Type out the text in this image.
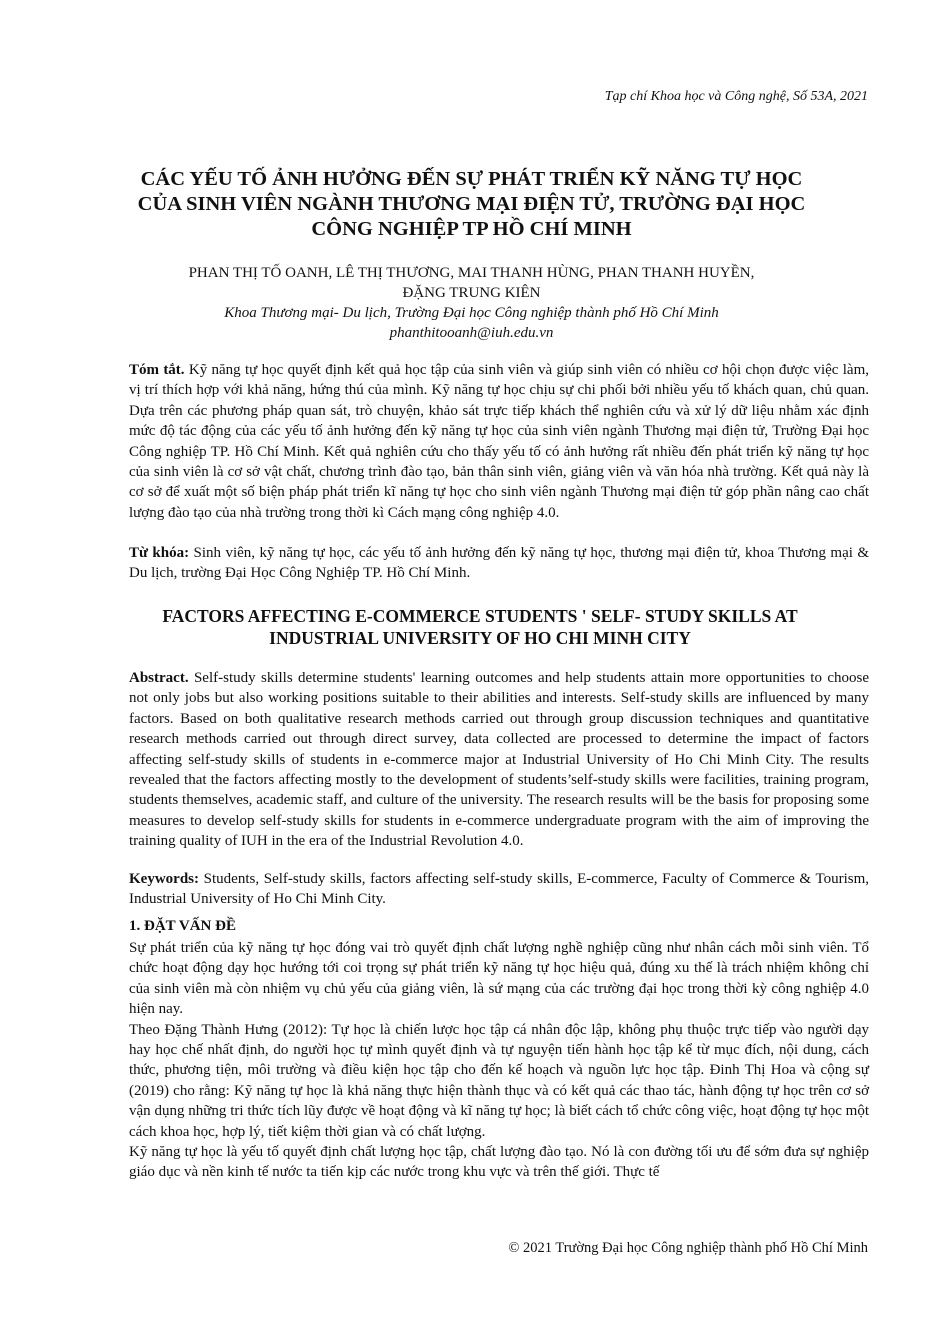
Tạp chí Khoa học và Công nghệ, Số 53A, 2021
CÁC YẾU TỐ ẢNH HƯỞNG ĐẾN SỰ PHÁT TRIỂN KỸ NĂNG TỰ HỌC
CỦA SINH VIÊN NGÀNH THƯƠNG MẠI ĐIỆN TỬ, TRƯỜNG ĐẠI HỌC
CÔNG NGHIỆP TP HỒ CHÍ MINH
PHAN THỊ TỐ OANH, LÊ THỊ THƯƠNG, MAI THANH HÙNG, PHAN THANH HUYỀN,
ĐẶNG TRUNG KIÊN
Khoa Thương mại- Du lịch, Trường Đại học Công nghiệp thành phố Hồ Chí Minh
phanthitooanh@iuh.edu.vn
Tóm tắt. Kỹ năng tự học quyết định kết quả học tập của sinh viên và giúp sinh viên có nhiều cơ hội chọn được việc làm, vị trí thích hợp với khả năng, hứng thú của mình. Kỹ năng tự học chịu sự chi phối bởi nhiều yếu tố khách quan, chủ quan. Dựa trên các phương pháp quan sát, trò chuyện, khảo sát trực tiếp khách thể nghiên cứu và xử lý dữ liệu nhằm xác định mức độ tác động của các yếu tố ảnh hưởng đến kỹ năng tự học của sinh viên ngành Thương mại điện tử, Trường Đại học Công nghiệp TP. Hồ Chí Minh. Kết quả nghiên cứu cho thấy yếu tố có ảnh hưởng rất nhiều đến phát triển kỹ năng tự học của sinh viên là cơ sở vật chất, chương trình đào tạo, bản thân sinh viên, giảng viên và văn hóa nhà trường. Kết quả này là cơ sở để xuất một số biện pháp phát triển kĩ năng tự học cho sinh viên ngành Thương mại điện tử góp phần nâng cao chất lượng đào tạo của nhà trường trong thời kì Cách mạng công nghiệp 4.0.
Từ khóa: Sinh viên, kỹ năng tự học, các yếu tố ảnh hưởng đến kỹ năng tự học, thương mại điện tử, khoa Thương mại & Du lịch, trường Đại Học Công Nghiệp TP. Hồ Chí Minh.
FACTORS AFFECTING E-COMMERCE STUDENTS ' SELF- STUDY SKILLS AT
INDUSTRIAL UNIVERSITY OF HO CHI MINH CITY
Abstract. Self-study skills determine students' learning outcomes and help students attain more opportunities to choose not only jobs but also working positions suitable to their abilities and interests. Self-study skills are influenced by many factors. Based on both qualitative research methods carried out through group discussion techniques and quantitative research methods carried out through direct survey, data collected are processed to determine the impact of factors affecting self-study skills of students in e-commerce major at Industrial University of Ho Chi Minh City. The results revealed that the factors affecting mostly to the development of students’self-study skills were facilities, training program, students themselves, academic staff, and culture of the university. The research results will be the basis for proposing some measures to develop self-study skills for students in e-commerce undergraduate program with the aim of improving the training quality of IUH in the era of the Industrial Revolution 4.0.
Keywords: Students, Self-study skills, factors affecting self-study skills, E-commerce, Faculty of Commerce & Tourism, Industrial University of Ho Chi Minh City.
1. ĐẶT VẤN ĐỀ

Sự phát triển của kỹ năng tự học đóng vai trò quyết định chất lượng nghề nghiệp cũng như nhân cách mỗi sinh viên. Tổ chức hoạt động dạy học hướng tới coi trọng sự phát triển kỹ năng tự học hiệu quả, đúng xu thế là trách nhiệm không chỉ của sinh viên mà còn nhiệm vụ chủ yếu của giảng viên, là sứ mạng của các trường đại học trong thời kỳ công nghiệp 4.0 hiện nay.

Theo Đặng Thành Hưng (2012): Tự học là chiến lược học tập cá nhân độc lập, không phụ thuộc trực tiếp vào người dạy hay học chế nhất định, do người học tự mình quyết định và tự nguyện tiến hành học tập kể từ mục đích, nội dung, cách thức, phương tiện, môi trường và điều kiện học tập cho đến kế hoạch và nguồn lực học tập. Đinh Thị Hoa và cộng sự (2019) cho rằng: Kỹ năng tự học là khả năng thực hiện thành thục và có kết quả các thao tác, hành động tự học trên cơ sở vận dụng những tri thức tích lũy được về hoạt động và kĩ năng tự học; là biết cách tổ chức công việc, hoạt động tự học một cách khoa học, hợp lý, tiết kiệm thời gian và có chất lượng.

Kỹ năng tự học là yếu tố quyết định chất lượng học tập, chất lượng đào tạo. Nó là con đường tối ưu để sớm đưa sự nghiệp giáo dục và nền kinh tế nước ta tiến kịp các nước trong khu vực và trên thế giới. Thực tế

© 2021 Trường Đại học Công nghiệp thành phố Hồ Chí Minh
